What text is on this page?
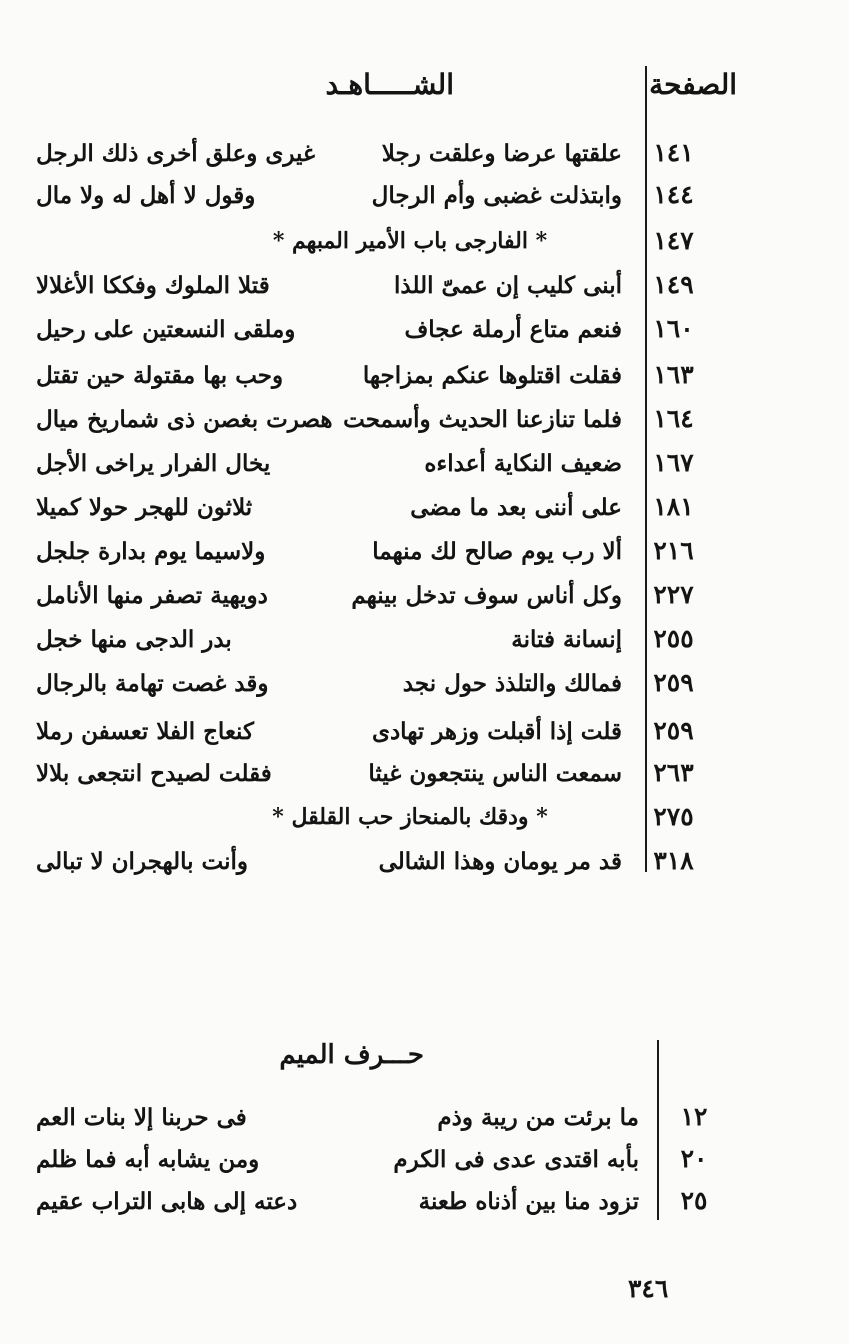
الصفحة
الشـــــاهـد
١٤١
علقتها عرضا وعلقت رجلا
غيرى وعلق أخرى ذلك الرجل
١٤٤
وابتذلت غضبى وأم الرجال
وقول لا أهل له ولا مال
١٤٧
* الفارجى باب الأمير المبهم *
١٤٩
أبنى كليب إن عمىّ اللذا
قتلا الملوك وفككا الأغلالا
١٦٠
فنعم متاع أرملة عجاف
وملقى النسعتين على رحيل
١٦٣
فقلت اقتلوها عنكم بمزاجها
وحب بها مقتولة حين تقتل
١٦٤
فلما تنازعنا الحديث وأسمحت
هصرت بغصن ذى شماريخ ميال
١٦٧
ضعيف النكاية أعداءه
يخال الفرار يراخى الأجل
١٨١
على أننى بعد ما مضى
ثلاثون للهجر حولا كميلا
٢١٦
ألا رب يوم صالح لك منهما
ولاسيما يوم بدارة جلجل
٢٢٧
وكل أناس سوف تدخل بينهم
دويهية تصفر منها الأنامل
٢٥٥
إنسانة فتانة
بدر الدجى منها خجل
٢٥٩
فمالك والتلذذ حول نجد
وقد غصت تهامة بالرجال
٢٥٩
قلت إذا أقبلت وزهر تهادى
كنعاج الفلا تعسفن رملا
٢٦٣
سمعت الناس ينتجعون غيثا
فقلت لصيدح انتجعى بلالا
٢٧٥
* ودقك بالمنحاز حب القلقل *
٣١٨
قد مر يومان وهذا الشالى
وأنت بالهجران لا تبالى
حـــرف الميم
١٢
ما برئت من ريبة وذم
فى حربنا إلا بنات العم
٢٠
بأبه اقتدى عدى فى الكرم
ومن يشابه أبه فما ظلم
٢٥
تزود منا بين أذناه طعنة
دعته إلى هابى التراب عقيم
٣٤٦
